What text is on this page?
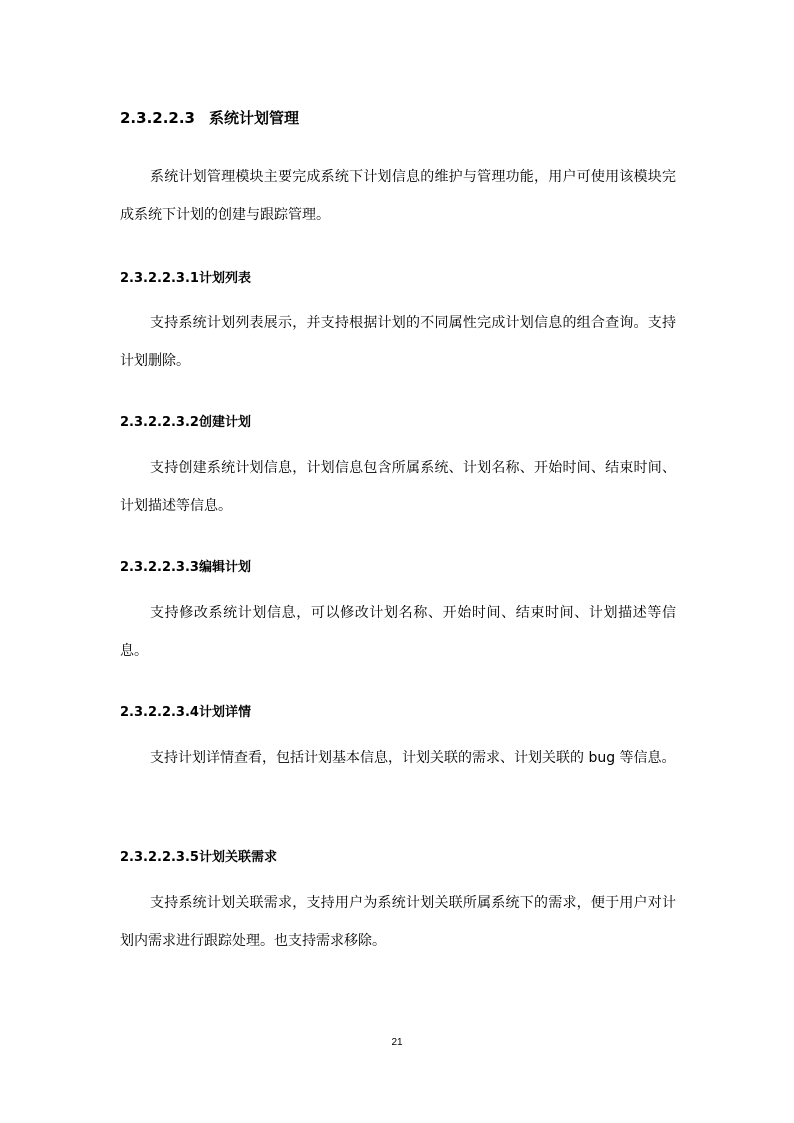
2.3.2.2.3 系统计划管理

系统计划管理模块主要完成系统下计划信息的维护与管理功能，用户可使用该模块完成系统下计划的创建与跟踪管理。

2.3.2.2.3.1计划列表

支持系统计划列表展示，并支持根据计划的不同属性完成计划信息的组合查询。支持计划删除。

2.3.2.2.3.2创建计划

支持创建系统计划信息，计划信息包含所属系统、计划名称、开始时间、结束时间、计划描述等信息。

2.3.2.2.3.3编辑计划

支持修改系统计划信息，可以修改计划名称、开始时间、结束时间、计划描述等信息。

2.3.2.2.3.4计划详情

支持计划详情查看，包括计划基本信息，计划关联的需求、计划关联的 bug 等信息。

2.3.2.2.3.5计划关联需求

支持系统计划关联需求，支持用户为系统计划关联所属系统下的需求，便于用户对计划内需求进行跟踪处理。也支持需求移除。

21
